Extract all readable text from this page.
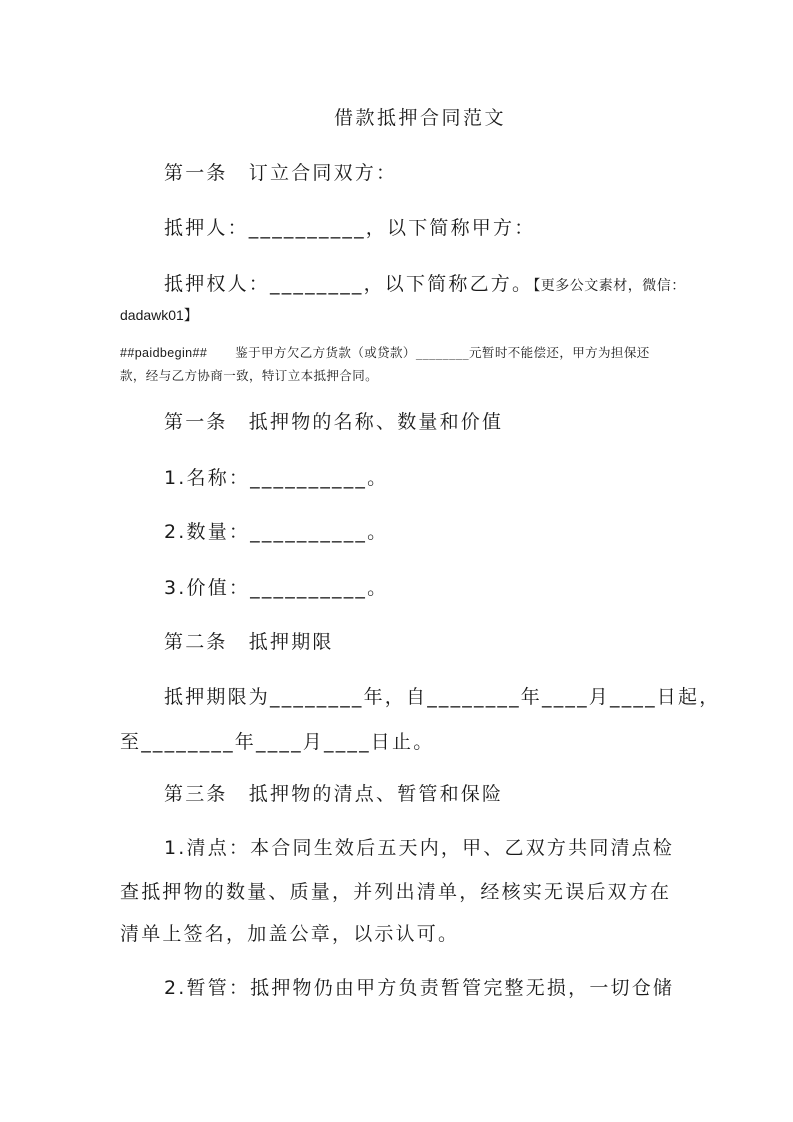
借款抵押合同范文
第一条　订立合同双方：
抵押人：__________，以下简称甲方：
抵押权人：________，以下简称乙方。【更多公文素材，微信：
dadawk01】
##paidbegin## 鉴于甲方欠乙方货款（或贷款）________元暂时不能偿还，甲方为担保还
款，经与乙方协商一致，特订立本抵押合同。
第一条　抵押物的名称、数量和价值
1.名称：__________。
2.数量：__________。
3.价值：__________。
第二条　抵押期限
抵押期限为________年，自________年____月____日起，
至________年____月____日止。
第三条　抵押物的清点、暂管和保险
1.清点：本合同生效后五天内，甲、乙双方共同清点检
查抵押物的数量、质量，并列出清单，经核实无误后双方在
清单上签名，加盖公章，以示认可。
2.暂管：抵押物仍由甲方负责暂管完整无损，一切仓储
